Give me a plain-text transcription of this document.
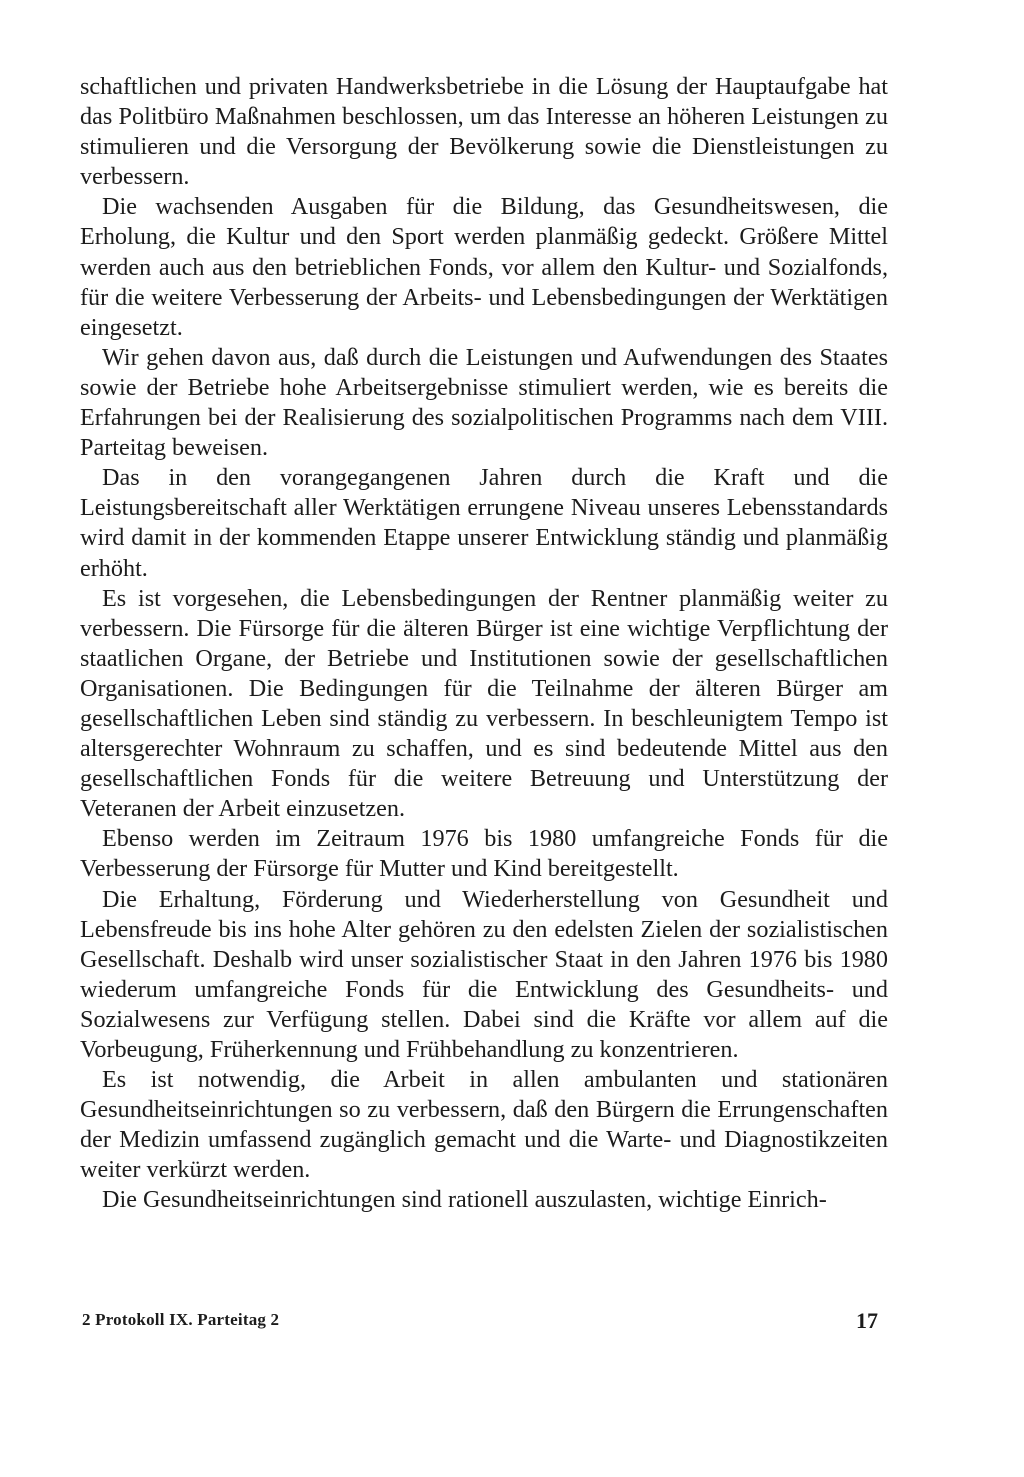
schaftlichen und privaten Handwerksbetriebe in die Lösung der Hauptaufgabe hat das Politbüro Maßnahmen beschlossen, um das Interesse an höheren Leistungen zu stimulieren und die Versorgung der Bevölkerung sowie die Dienstleistungen zu verbessern.

Die wachsenden Ausgaben für die Bildung, das Gesundheitswesen, die Erholung, die Kultur und den Sport werden planmäßig gedeckt. Größere Mittel werden auch aus den betrieblichen Fonds, vor allem den Kultur- und Sozialfonds, für die weitere Verbesserung der Arbeits- und Lebensbedingungen der Werktätigen eingesetzt.

Wir gehen davon aus, daß durch die Leistungen und Aufwendungen des Staates sowie der Betriebe hohe Arbeitsergebnisse stimuliert werden, wie es bereits die Erfahrungen bei der Realisierung des sozialpolitischen Programms nach dem VIII. Parteitag beweisen.

Das in den vorangegangenen Jahren durch die Kraft und die Leistungsbereitschaft aller Werktätigen errungene Niveau unseres Lebensstandards wird damit in der kommenden Etappe unserer Entwicklung ständig und planmäßig erhöht.

Es ist vorgesehen, die Lebensbedingungen der Rentner planmäßig weiter zu verbessern. Die Fürsorge für die älteren Bürger ist eine wichtige Verpflichtung der staatlichen Organe, der Betriebe und Institutionen sowie der gesellschaftlichen Organisationen. Die Bedingungen für die Teilnahme der älteren Bürger am gesellschaftlichen Leben sind ständig zu verbessern. In beschleunigtem Tempo ist altersgerechter Wohnraum zu schaffen, und es sind bedeutende Mittel aus den gesellschaftlichen Fonds für die weitere Betreuung und Unterstützung der Veteranen der Arbeit einzusetzen.

Ebenso werden im Zeitraum 1976 bis 1980 umfangreiche Fonds für die Verbesserung der Fürsorge für Mutter und Kind bereitgestellt.

Die Erhaltung, Förderung und Wiederherstellung von Gesundheit und Lebensfreude bis ins hohe Alter gehören zu den edelsten Zielen der sozialistischen Gesellschaft. Deshalb wird unser sozialistischer Staat in den Jahren 1976 bis 1980 wiederum umfangreiche Fonds für die Entwicklung des Gesundheits- und Sozialwesens zur Verfügung stellen. Dabei sind die Kräfte vor allem auf die Vorbeugung, Früherkennung und Frühbehandlung zu konzentrieren.

Es ist notwendig, die Arbeit in allen ambulanten und stationären Gesundheitseinrichtungen so zu verbessern, daß den Bürgern die Errungenschaften der Medizin umfassend zugänglich gemacht und die Warte- und Diagnostikzeiten weiter verkürzt werden.

Die Gesundheitseinrichtungen sind rationell auszulasten, wichtige Einrich-

2 Protokoll IX. Parteitag 2	17
